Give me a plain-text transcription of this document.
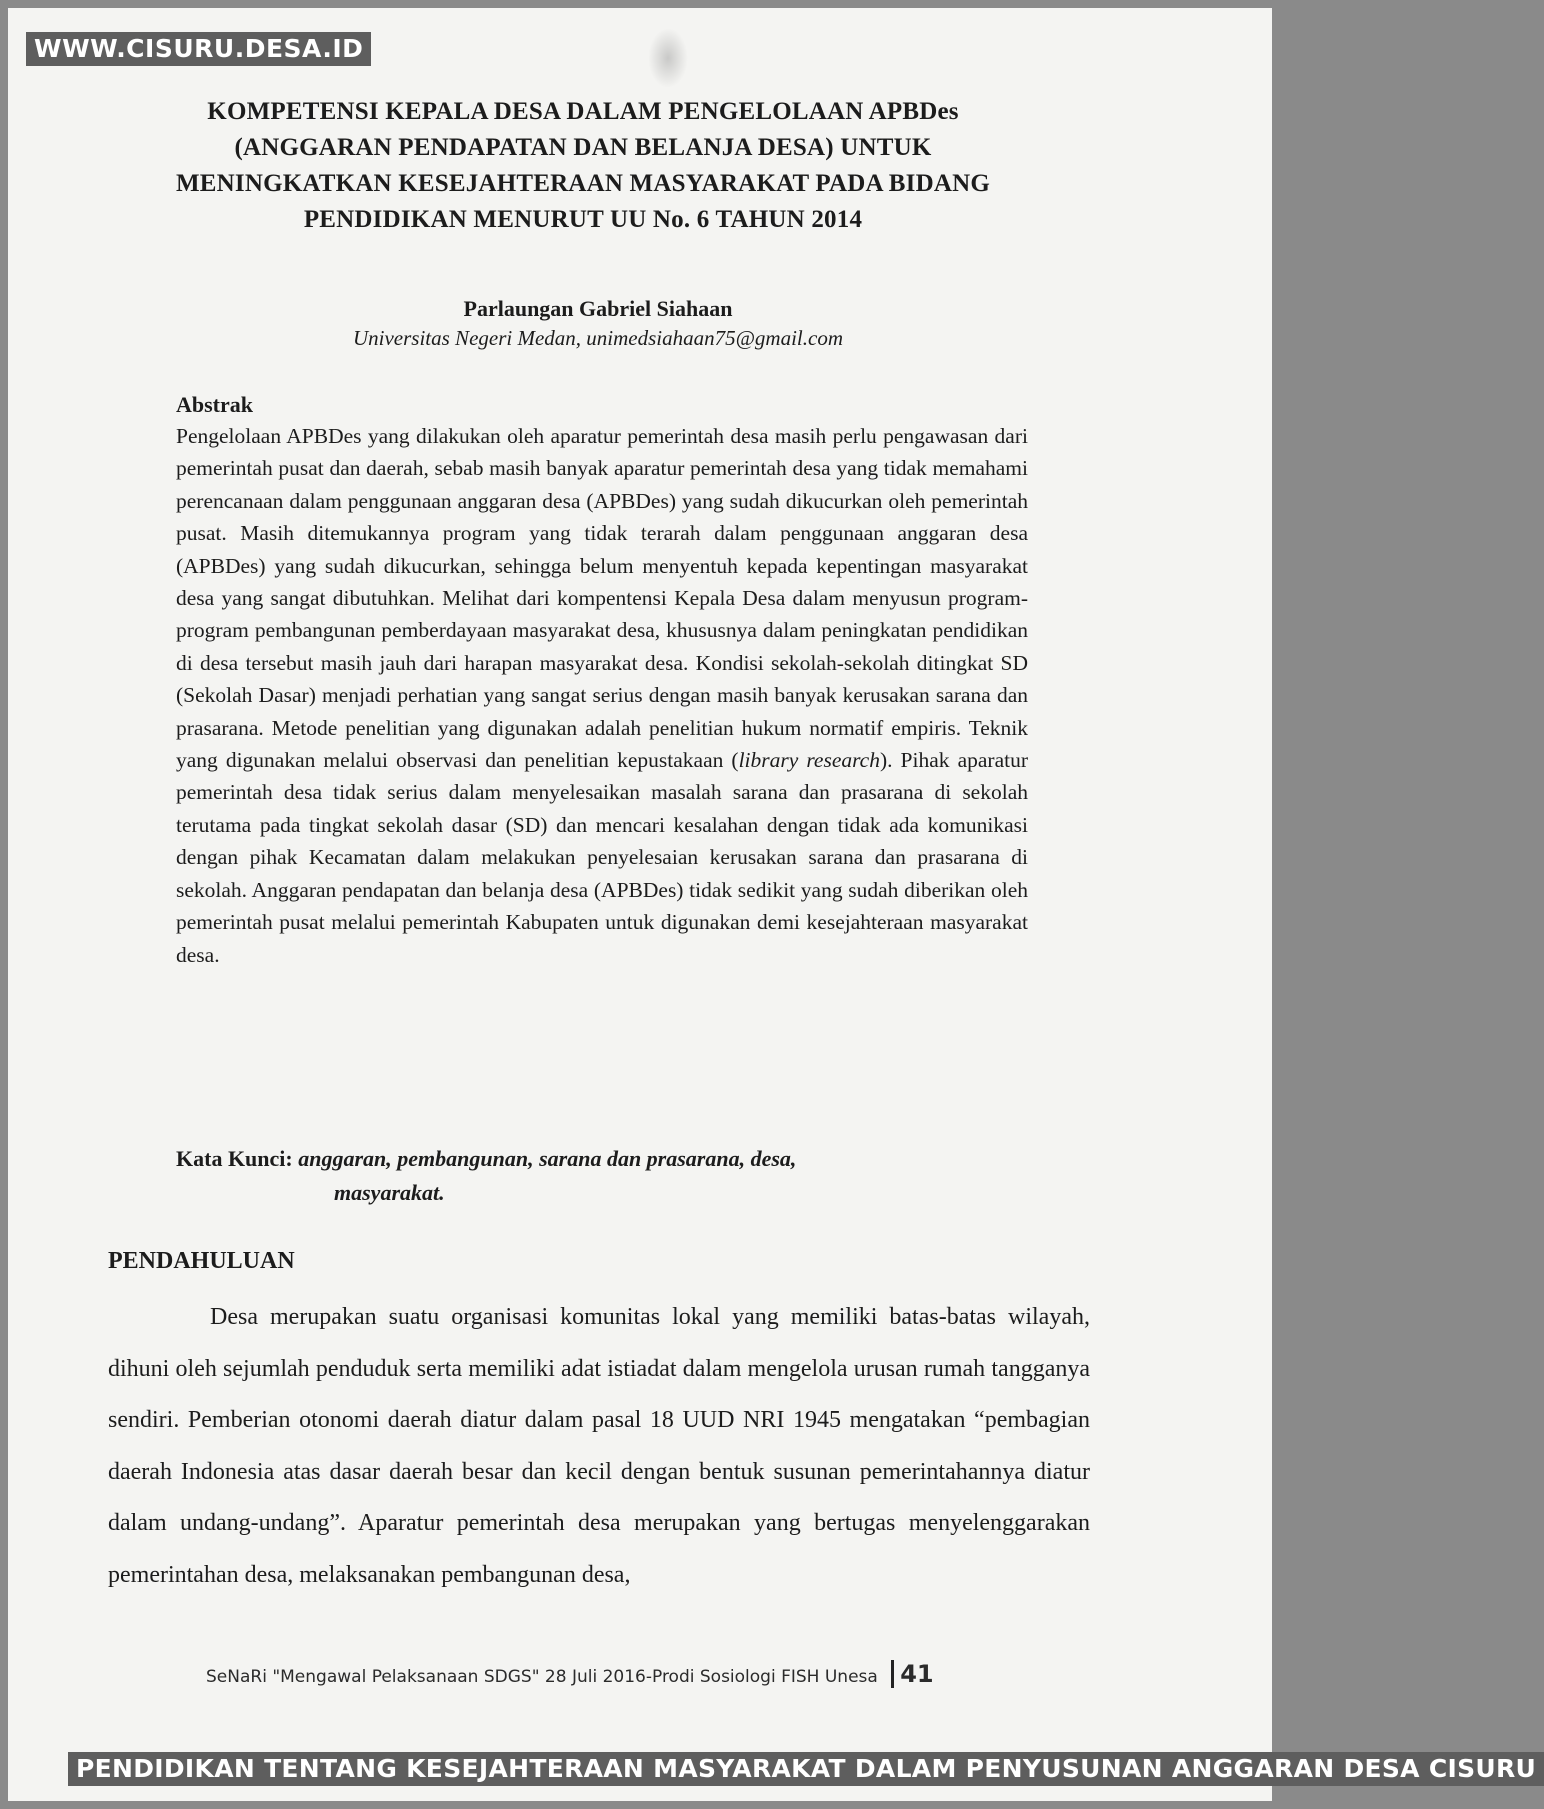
WWW.CISURU.DESA.ID
KOMPETENSI KEPALA DESA DALAM PENGELOLAAN APBDes
(ANGGARAN PENDAPATAN DAN BELANJA DESA) UNTUK
MENINGKATKAN KESEJAHTERAAN MASYARAKAT PADA BIDANG
PENDIDIKAN MENURUT UU No. 6 TAHUN 2014
Parlaungan Gabriel Siahaan
Universitas Negeri Medan, unimedsiahaan75@gmail.com
Abstrak
Pengelolaan APBDes yang dilakukan oleh aparatur pemerintah desa masih perlu pengawasan dari pemerintah pusat dan daerah, sebab masih banyak aparatur pemerintah desa yang tidak memahami perencanaan dalam penggunaan anggaran desa (APBDes) yang sudah dikucurkan oleh pemerintah pusat. Masih ditemukannya program yang tidak terarah dalam penggunaan anggaran desa (APBDes) yang sudah dikucurkan, sehingga belum menyentuh kepada kepentingan masyarakat desa yang sangat dibutuhkan. Melihat dari kompentensi Kepala Desa dalam menyusun program-program pembangunan pemberdayaan masyarakat desa, khususnya dalam peningkatan pendidikan di desa tersebut masih jauh dari harapan masyarakat desa. Kondisi sekolah-sekolah ditingkat SD (Sekolah Dasar) menjadi perhatian yang sangat serius dengan masih banyak kerusakan sarana dan prasarana. Metode penelitian yang digunakan adalah penelitian hukum normatif empiris. Teknik yang digunakan melalui observasi dan penelitian kepustakaan (library research). Pihak aparatur pemerintah desa tidak serius dalam menyelesaikan masalah sarana dan prasarana di sekolah terutama pada tingkat sekolah dasar (SD) dan mencari kesalahan dengan tidak ada komunikasi dengan pihak Kecamatan dalam melakukan penyelesaian kerusakan sarana dan prasarana di sekolah. Anggaran pendapatan dan belanja desa (APBDes) tidak sedikit yang sudah diberikan oleh pemerintah pusat melalui pemerintah Kabupaten untuk digunakan demi kesejahteraan masyarakat desa.
Kata Kunci: anggaran, pembangunan, sarana dan prasarana, desa,
masyarakat.
PENDAHULUAN
Desa merupakan suatu organisasi komunitas lokal yang memiliki batas-batas wilayah, dihuni oleh sejumlah penduduk serta memiliki adat istiadat dalam mengelola urusan rumah tangganya sendiri. Pemberian otonomi daerah diatur dalam pasal 18 UUD NRI 1945 mengatakan “pembagian daerah Indonesia atas dasar daerah besar dan kecil dengan bentuk susunan pemerintahannya diatur dalam undang-undang”. Aparatur pemerintah desa merupakan yang bertugas menyelenggarakan pemerintahan desa, melaksanakan pembangunan desa,
SeNaRi "Mengawal Pelaksanaan SDGS" 28 Juli 2016-Prodi Sosiologi FISH Unesa 41
PENDIDIKAN TENTANG KESEJAHTERAAN MASYARAKAT DALAM PENYUSUNAN ANGGARAN DESA CISURU
